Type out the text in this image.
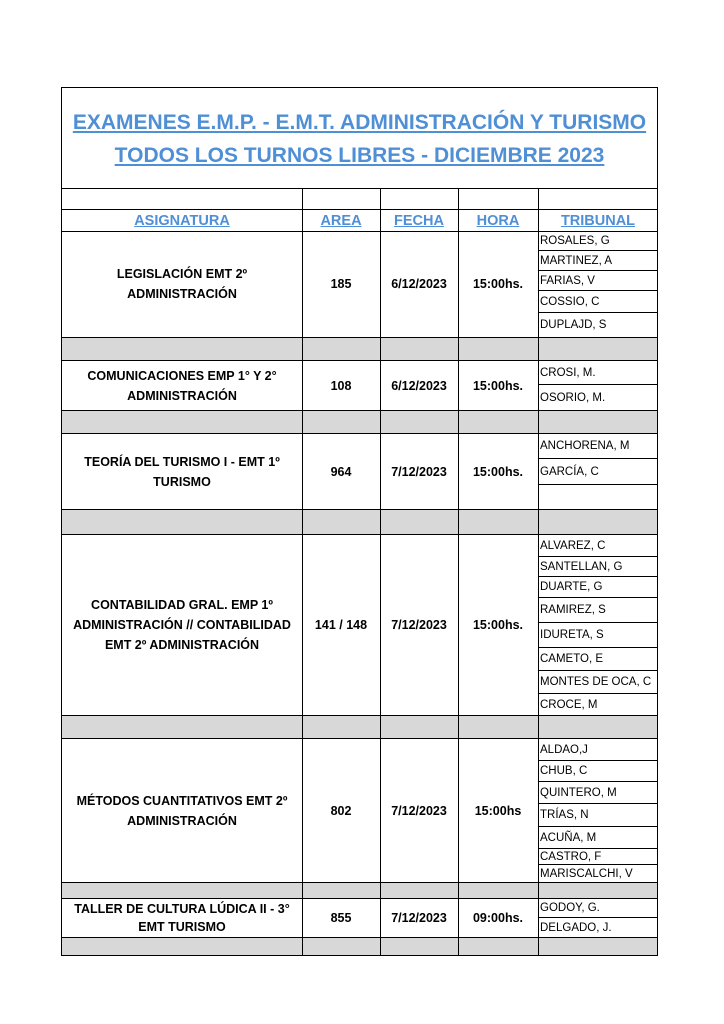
EXAMENES E.M.P. - E.M.T. ADMINISTRACIÓN Y TURISMO
TODOS LOS TURNOS LIBRES - DICIEMBRE 2023
ASIGNATURA	AREA	FECHA	HORA	TRIBUNAL
LEGISLACIÓN EMT 2º ADMINISTRACIÓN
185	6/12/2023	15:00hs.
ROSALES, G
MARTINEZ, A
FARIAS, V
COSSIO, C
DUPLAJD, S
COMUNICACIONES EMP 1° Y 2° ADMINISTRACIÓN
108	6/12/2023	15:00hs.
CROSI, M.
OSORIO, M.
TEORÍA DEL TURISMO I - EMT 1º TURISMO
964	7/12/2023	15:00hs.
ANCHORENA, M
GARCÍA, C
CONTABILIDAD GRAL. EMP 1º ADMINISTRACIÓN // CONTABILIDAD EMT 2º ADMINISTRACIÓN
141 / 148	7/12/2023	15:00hs.
ALVAREZ, C
SANTELLAN, G
DUARTE, G
RAMIREZ, S
IDURETA, S
CAMETO, E
MONTES DE OCA, C
CROCE, M
MÉTODOS CUANTITATIVOS EMT 2º ADMINISTRACIÓN
802	7/12/2023	15:00hs
ALDAO,J
CHUB, C
QUINTERO, M
TRÍAS, N
ACUÑA, M
CASTRO, F
MARISCALCHI, V
TALLER DE CULTURA LÚDICA II - 3° EMT TURISMO
855	7/12/2023	09:00hs.
GODOY, G.
DELGADO, J.
